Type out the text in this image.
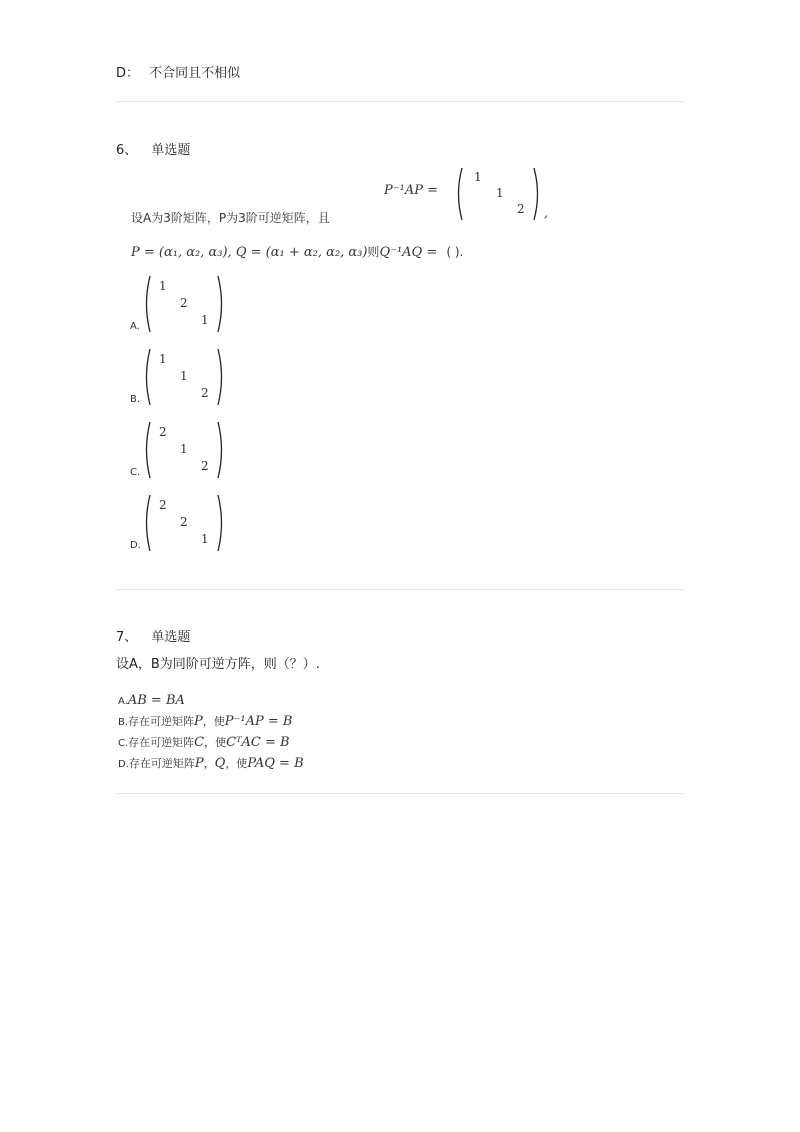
D： 不合同且不相似
6、 单选题
P⁻¹AP =
1
1
2 ,
设A为3阶矩阵，P为3阶可逆矩阵，且
P = (α₁, α₂, α₃), Q = (α₁ + α₂, α₂, α₃)则Q⁻¹AQ = ( ).
A.
1
2
1
B.
1
1
2
C.
2
1
2
D.
2
2
1
7、 单选题
设A，B为同阶可逆方阵，则（？）.
A.AB = BA
B.存在可逆矩阵P，使P⁻¹AP = B
C.存在可逆矩阵C，使CᵀAC = B
D.存在可逆矩阵P，Q，使PAQ = B
